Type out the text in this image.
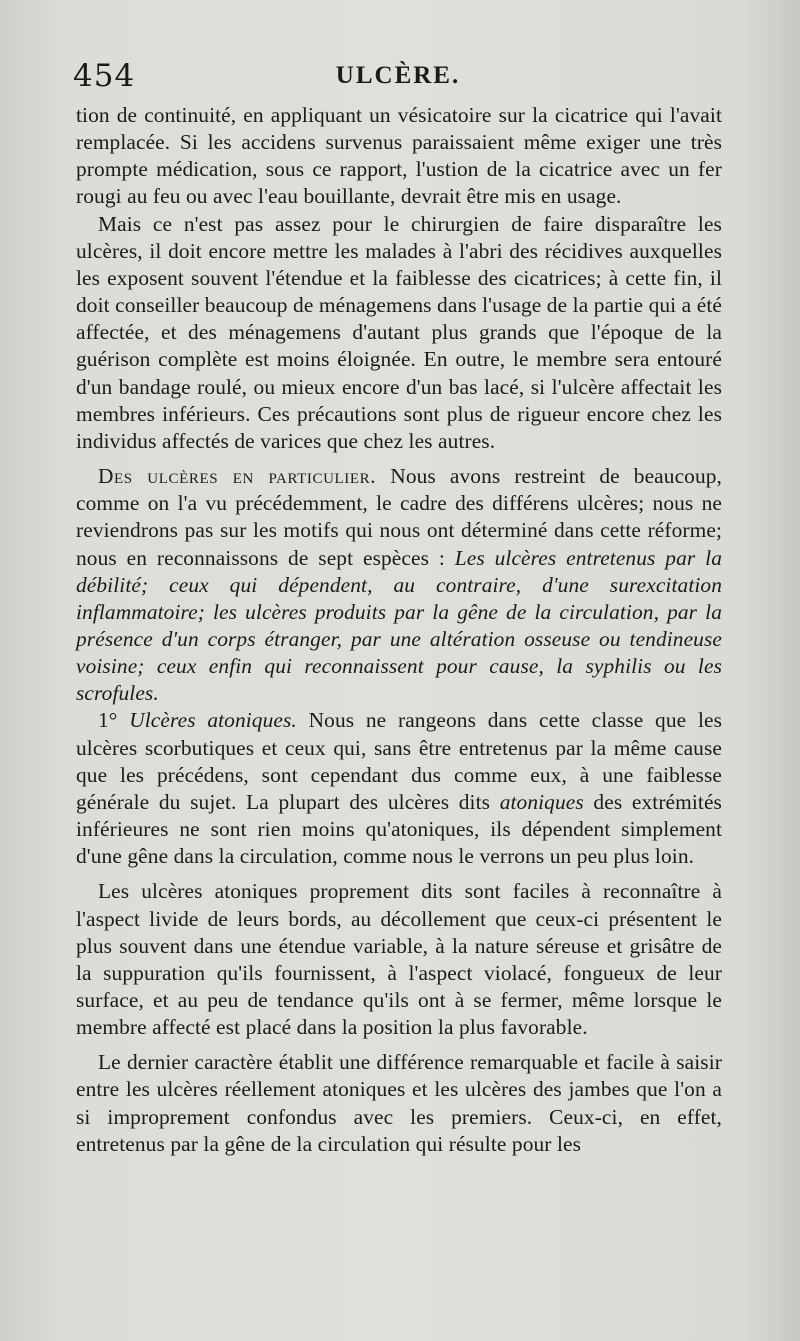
454	ULCÈRE.

tion de continuité, en appliquant un vésicatoire sur la cicatrice qui l'avait remplacée. Si les accidens survenus paraissaient même exiger une très prompte médication, sous ce rapport, l'ustion de la cicatrice avec un fer rougi au feu ou avec l'eau bouillante, devrait être mis en usage.

Mais ce n'est pas assez pour le chirurgien de faire disparaître les ulcères, il doit encore mettre les malades à l'abri des récidives auxquelles les exposent souvent l'étendue et la faiblesse des cicatrices; à cette fin, il doit conseiller beaucoup de ménagemens dans l'usage de la partie qui a été affectée, et des ménagemens d'autant plus grands que l'époque de la guérison complète est moins éloignée. En outre, le membre sera entouré d'un bandage roulé, ou mieux encore d'un bas lacé, si l'ulcère affectait les membres inférieurs. Ces précautions sont plus de rigueur encore chez les individus affectés de varices que chez les autres.

Des ulcères en particulier. Nous avons restreint de beaucoup, comme on l'a vu précédemment, le cadre des différens ulcères; nous ne reviendrons pas sur les motifs qui nous ont déterminé dans cette réforme; nous en reconnaissons de sept espèces : Les ulcères entretenus par la débilité; ceux qui dépendent, au contraire, d'une surexcitation inflammatoire; les ulcères produits par la gêne de la circulation, par la présence d'un corps étranger, par une altération osseuse ou tendineuse voisine; ceux enfin qui reconnaissent pour cause, la syphilis ou les scrofules.

1° Ulcères atoniques. Nous ne rangeons dans cette classe que les ulcères scorbutiques et ceux qui, sans être entretenus par la même cause que les précédens, sont cependant dus comme eux, à une faiblesse générale du sujet. La plupart des ulcères dits atoniques des extrémités inférieures ne sont rien moins qu'atoniques, ils dépendent simplement d'une gêne dans la circulation, comme nous le verrons un peu plus loin.

Les ulcères atoniques proprement dits sont faciles à reconnaître à l'aspect livide de leurs bords, au décollement que ceux-ci présentent le plus souvent dans une étendue variable, à la nature séreuse et grisâtre de la suppuration qu'ils fournissent, à l'aspect violacé, fongueux de leur surface, et au peu de tendance qu'ils ont à se fermer, même lorsque le membre affecté est placé dans la position la plus favorable.

Le dernier caractère établit une différence remarquable et facile à saisir entre les ulcères réellement atoniques et les ulcères des jambes que l'on a si improprement confondus avec les premiers. Ceux-ci, en effet, entretenus par la gêne de la circulation qui résulte pour les
